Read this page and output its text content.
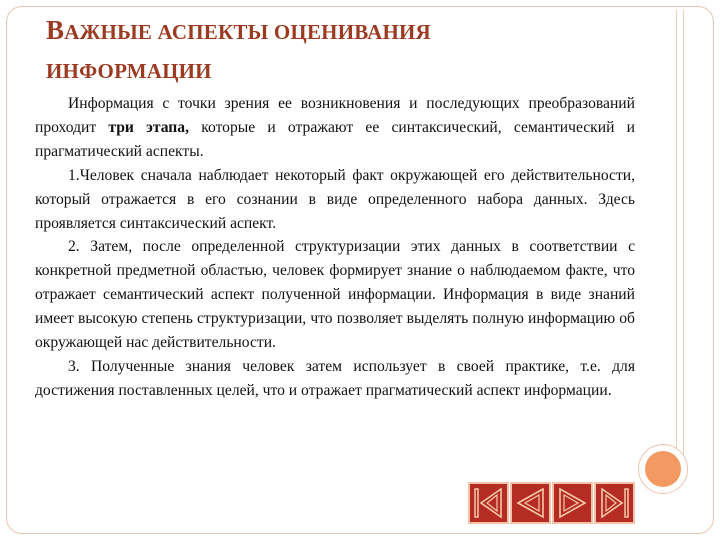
ВАЖНЫЕ АСПЕКТЫ ОЦЕНИВАНИЯ
ИНФОРМАЦИИ

Информация с точки зрения ее возникновения и последующих преобразований проходит три этапа, которые и отражают ее синтаксический, семантический и прагматический аспекты.

1.Человек сначала наблюдает некоторый факт окружающей его действительности, который отражается в его сознании в виде определенного набора данных. Здесь проявляется синтаксический аспект.

2. Затем, после определенной структуризации этих данных в соответствии с конкретной предметной областью, человек формирует знание о наблюдаемом факте, что отражает семантический аспект полученной информации. Информация в виде знаний имеет высокую степень структуризации, что позволяет выделять полную информацию об окружающей нас действительности.

3. Полученные знания человек затем использует в своей практике, т.е. для достижения поставленных целей, что и отражает прагматический аспект информации.
